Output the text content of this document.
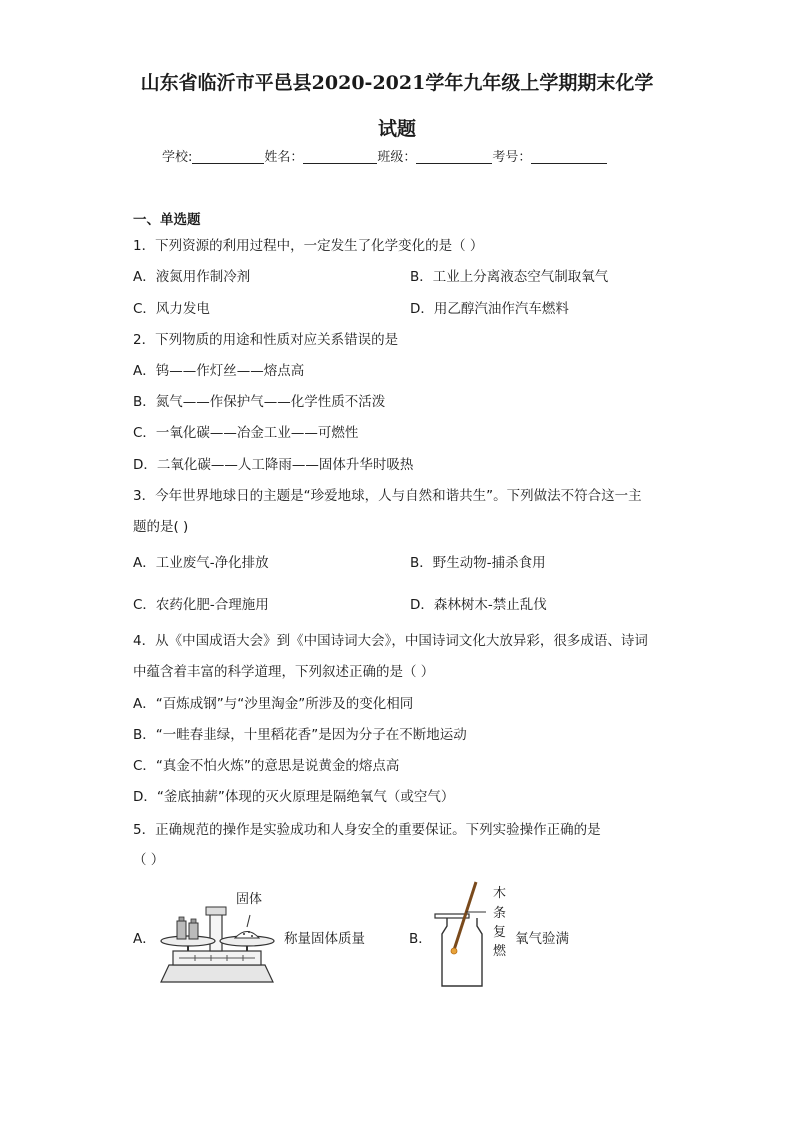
山东省临沂市平邑县2020-2021学年九年级上学期期末化学
试题
学校:	姓名：	班级：	考号：
一、单选题
1．下列资源的利用过程中，一定发生了化学变化的是（ ）
A．液氮用作制冷剂	B．工业上分离液态空气制取氧气
C．风力发电	D．用乙醇汽油作汽车燃料
2．下列物质的用途和性质对应关系错误的是
A．钨——作灯丝——熔点高
B．氮气——作保护气——化学性质不活泼
C．一氧化碳——冶金工业——可燃性
D．二氧化碳——人工降雨——固体升华时吸热
3．今年世界地球日的主题是“珍爱地球，人与自然和谐共生”。下列做法不符合这一主
题的是( )
A．工业废气-净化排放	B．野生动物-捕杀食用
C．农药化肥-合理施用	D．森林树木-禁止乱伐
4．从《中国成语大会》到《中国诗词大会》，中国诗词文化大放异彩，很多成语、诗词
中蕴含着丰富的科学道理，下列叙述正确的是（ ）
A．“百炼成钢”与“沙里淘金”所涉及的变化相同
B．“一畦春韭绿，十里稻花香”是因为分子在不断地运动
C．“真金不怕火炼”的意思是说黄金的熔点高
D．“釜底抽薪”体现的灭火原理是隔绝氧气（或空气）
5．正确规范的操作是实验成功和人身安全的重要保证。下列实验操作正确的是
（ ）
A．
固体
称量固体质量	B．
木
条
复
燃
氧气验满
